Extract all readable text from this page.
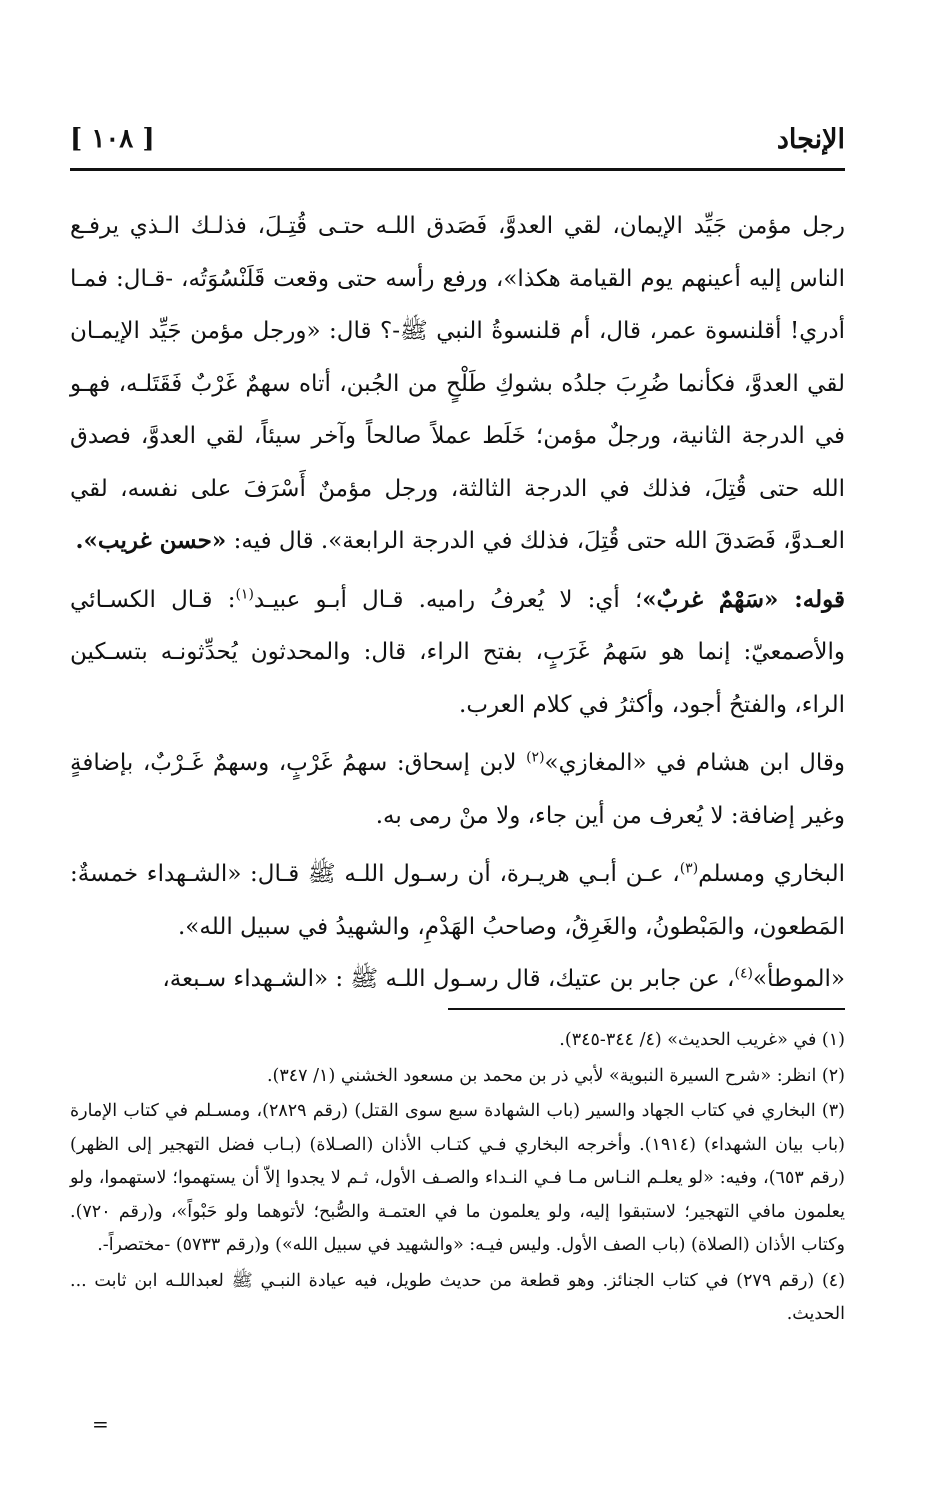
الإنجاد
[ ١٠٨ ]

رجل مؤمن جَيِّد الإيمان، لقي العدوَّ، فَصَدق اللـه حتـى قُتِـلَ، فذلـك الـذي يرفـع الناس إليه أعينهم يوم القيامة هكذا»، ورفع رأسه حتى وقعت قَلَنْسُوَتُه، -قـال: فمـا أدري! أقلنسوة عمر، قال، أم قلنسوةُ النبي ﷺ-؟ قال: «ورجل مؤمن جَيِّد الإيمـان لقي العدوَّ، فكأنما ضُرِبَ جلدُه بشوكِ طَلْحٍ من الجُبن، أتاه سهمٌ غَرْبٌ فَقَتَلـه، فهـو في الدرجة الثانية، ورجلٌ مؤمن؛ خَلَط عملاً صالحاً وآخر سيئاً، لقي العدوَّ، فصدق الله حتى قُتِلَ، فذلك في الدرجة الثالثة، ورجل مؤمنٌ أَسْرَفَ على نفسه، لقي العـدوَّ، فَصَدقَ الله حتى قُتِلَ، فذلك في الدرجة الرابعة». قال فيه: «حسن غريب».

قوله: «سَهْمٌ غربٌ»؛ أي: لا يُعرفُ راميه. قـال أبـو عبيـد$^{(١)}$: قـال الكسـائي والأصمعيّ: إنما هو سَهمُ غَرَبٍ، بفتح الراء، قال: والمحدثون يُحدِّثونـه بتسـكين الراء، والفتحُ أجود، وأكثرُ في كلام العرب.

وقال ابن هشام في «المغازي»$^{(٢)}$ لابن إسحاق: سهمُ غَرْبٍ، وسهمٌ غَـرْبٌ، بإضافةٍ وغير إضافة: لا يُعرف من أين جاء، ولا منْ رمى به.

البخاري ومسلم$^{(٣)}$، عـن أبـي هريـرة، أن رسـول اللـه ﷺ قـال: «الشـهداء خمسةٌ: المَطعون، والمَبْطونُ، والغَرِقُ، وصاحبُ الهَدْمِ، والشهيدُ في سبيل الله».
«الموطأ»$^{(٤)}$، عن جابر بن عتيك، قال رسـول اللـه ﷺ : «الشـهداء سـبعة،

(١) في «غريب الحديث» (٤/ ٣٤٤-٣٤٥).

(٢) انظر: «شرح السيرة النبوية» لأبي ذر بن محمد بن مسعود الخشني (١/ ٣٤٧).

(٣) البخاري في كتاب الجهاد والسير (باب الشهادة سبع سوى القتل) (رقم ٢٨٢٩)، ومسـلم في كتاب الإمارة (باب بيان الشهداء) (١٩١٤). وأخرجه البخاري فـي كتـاب الأذان (الصـلاة) (بـاب فضل التهجير إلى الظهر) (رقم ٦٥٣)، وفيه: «لو يعلـم النـاس مـا فـي النـداء والصـف الأول، ثـم لا يجدوا إلاّ أن يستهموا؛ لاستهموا، ولو يعلمون مافي التهجير؛ لاستبقوا إليه، ولو يعلمون ما في العتمـة والصُّبح؛ لأتوهما ولو حَبْواً»، و(رقم ٧٢٠). وكتاب الأذان (الصلاة) (باب الصف الأول. وليس فيـه: «والشهيد في سبيل الله») و(رقم ٥٧٣٣) -مختصراً-.

(٤) (رقم ٢٧٩) في كتاب الجنائز. وهو قطعة من حديث طويل، فيه عيادة النبـي ﷺ لعبداللـه ابن ثابت ... الحديث.

=
